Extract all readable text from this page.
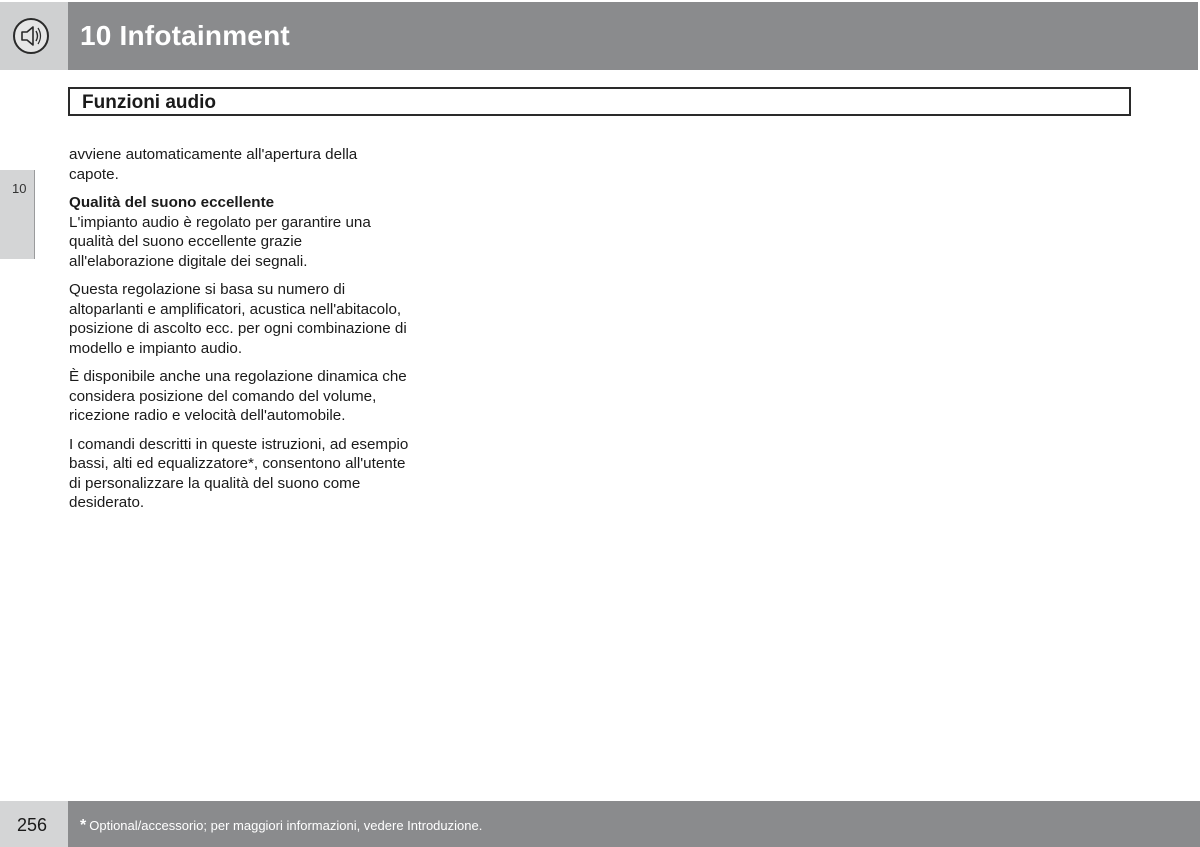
10 Infotainment
Funzioni audio
10

avviene automaticamente all'apertura della capote.

Qualità del suono eccellente

L'impianto audio è regolato per garantire una qualità del suono eccellente grazie all'elaborazione digitale dei segnali.

Questa regolazione si basa su numero di altoparlanti e amplificatori, acustica nell'abitacolo, posizione di ascolto ecc. per ogni combinazione di modello e impianto audio.

È disponibile anche una regolazione dinamica che considera posizione del comando del volume, ricezione radio e velocità dell'automobile.

I comandi descritti in queste istruzioni, ad esempio bassi, alti ed equalizzatore*, consentono all'utente di personalizzare la qualità del suono come desiderato.

256 * Optional/accessorio; per maggiori informazioni, vedere Introduzione.
